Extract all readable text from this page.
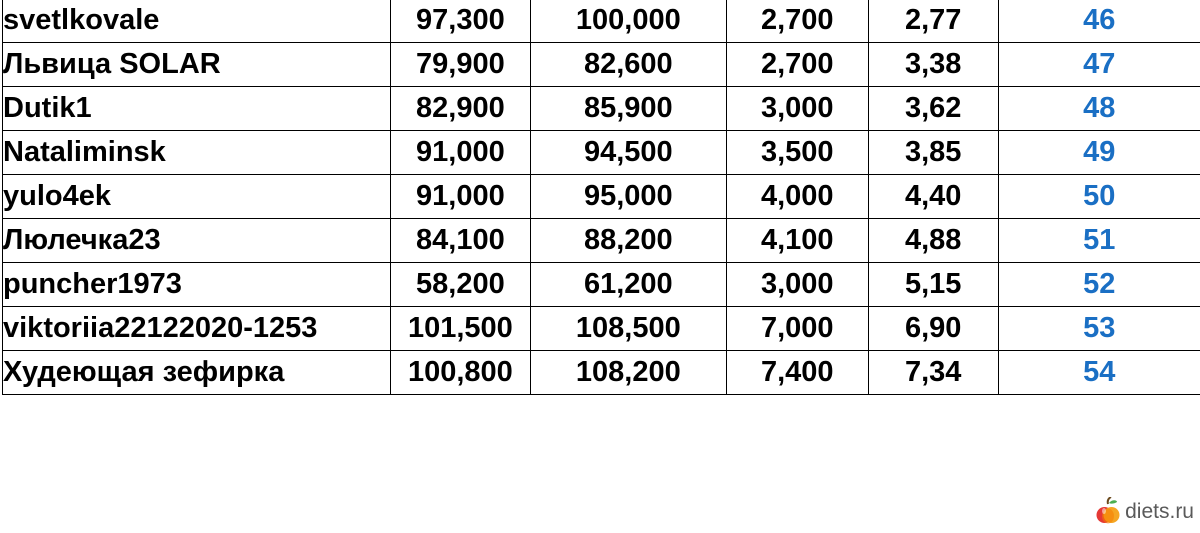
svetlkovale	97,300	100,000	2,700	2,77	46
Львица SOLAR	79,900	82,600	2,700	3,38	47
Dutik1	82,900	85,900	3,000	3,62	48
Nataliminsk	91,000	94,500	3,500	3,85	49
yulo4ek	91,000	95,000	4,000	4,40	50
Люлечка23	84,100	88,200	4,100	4,88	51
puncher1973	58,200	61,200	3,000	5,15	52
viktoriia22122020-1253	101,500	108,500	7,000	6,90	53
Худеющая зефирка	100,800	108,200	7,400	7,34	54
diets.ru
